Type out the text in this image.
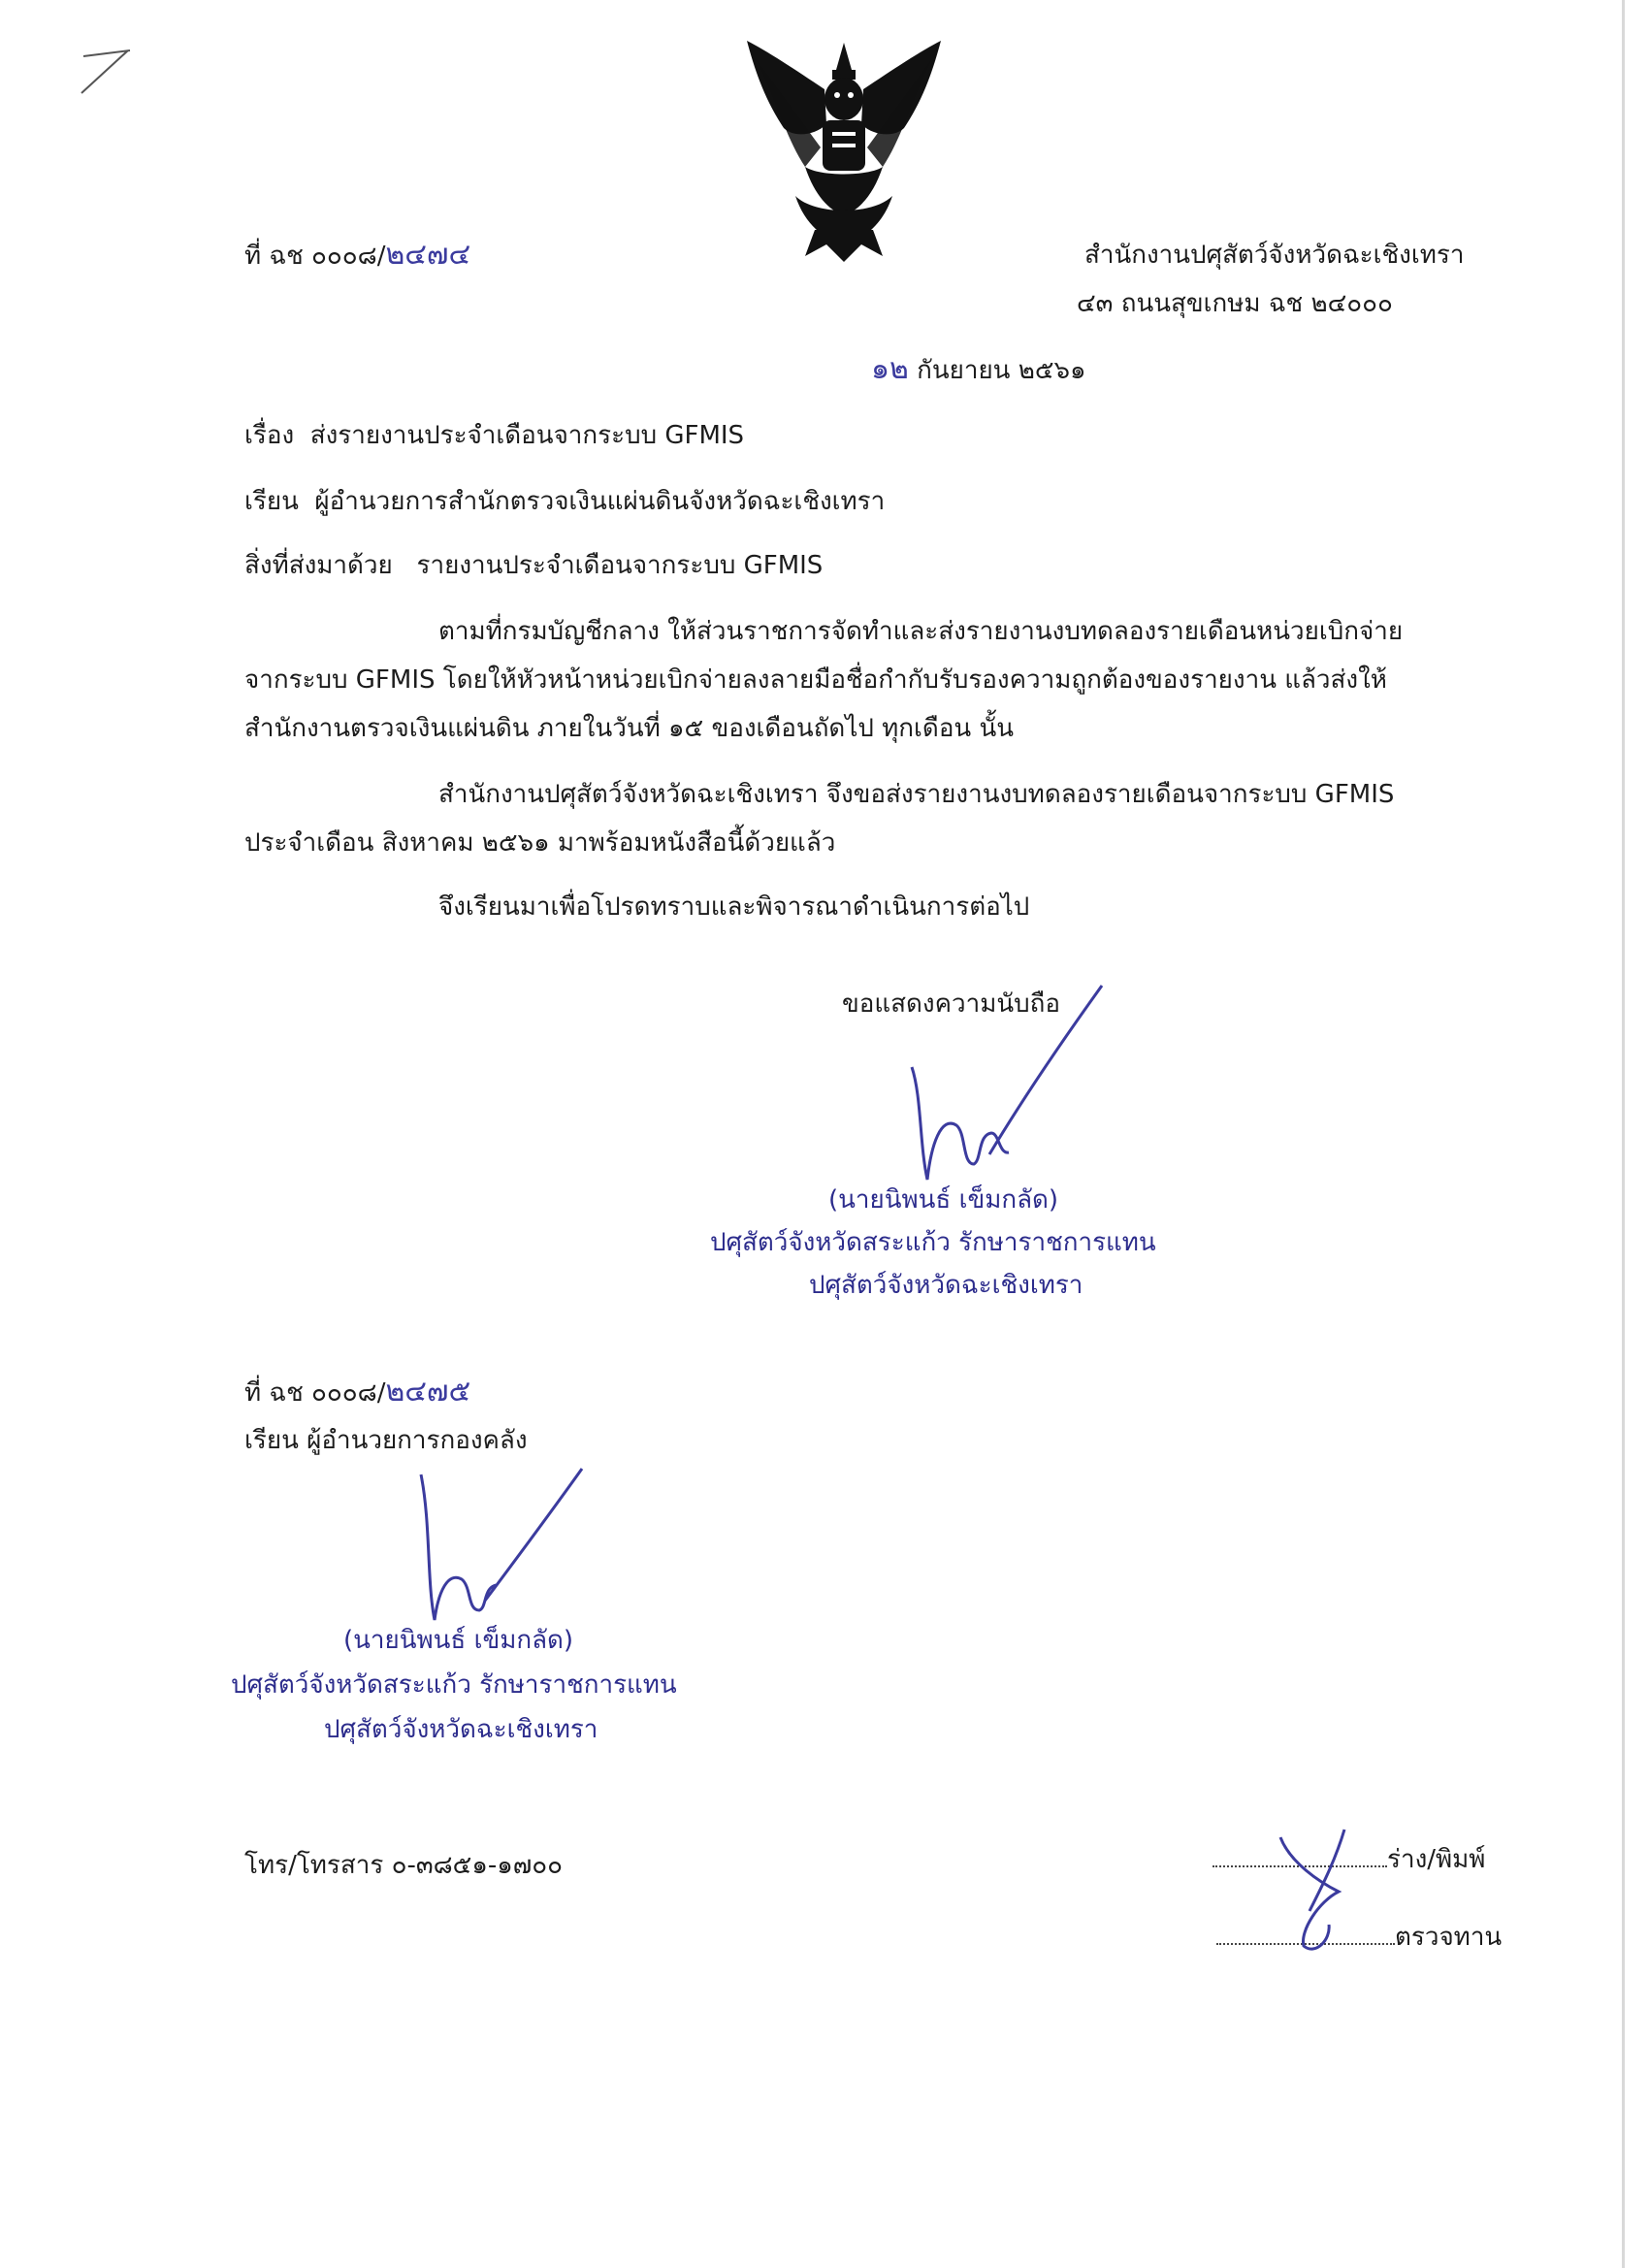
ที่ ฉช ๐๐๐๘/๒๔๗๔	สำนักงานปศุสัตว์จังหวัดฉะเชิงเทรา
๔๓ ถนนสุขเกษม ฉช ๒๔๐๐๐
๑๒ กันยายน ๒๕๖๑
เรื่อง ส่งรายงานประจำเดือนจากระบบ GFMIS
เรียน ผู้อำนวยการสำนักตรวจเงินแผ่นดินจังหวัดฉะเชิงเทรา
สิ่งที่ส่งมาด้วย รายงานประจำเดือนจากระบบ GFMIS
ตามที่กรมบัญชีกลาง ให้ส่วนราชการจัดทำและส่งรายงานงบทดลองรายเดือนหน่วยเบิกจ่าย
จากระบบ GFMIS โดยให้หัวหน้าหน่วยเบิกจ่ายลงลายมือชื่อกำกับรับรองความถูกต้องของรายงาน แล้วส่งให้
สำนักงานตรวจเงินแผ่นดิน ภายในวันที่ ๑๕ ของเดือนถัดไป ทุกเดือน นั้น
สำนักงานปศุสัตว์จังหวัดฉะเชิงเทรา จึงขอส่งรายงานงบทดลองรายเดือนจากระบบ GFMIS
ประจำเดือน สิงหาคม ๒๕๖๑ มาพร้อมหนังสือนี้ด้วยแล้ว
จึงเรียนมาเพื่อโปรดทราบและพิจารณาดำเนินการต่อไป
ขอแสดงความนับถือ
(นายนิพนธ์ เข็มกลัด)
ปศุสัตว์จังหวัดสระแก้ว รักษาราชการแทน
ปศุสัตว์จังหวัดฉะเชิงเทรา
ที่ ฉช ๐๐๐๘/๒๔๗๕
เรียน ผู้อำนวยการกองคลัง
(นายนิพนธ์ เข็มกลัด)
ปศุสัตว์จังหวัดสระแก้ว รักษาราชการแทน
ปศุสัตว์จังหวัดฉะเชิงเทรา
โทร/โทรสาร ๐-๓๘๕๑-๑๗๐๐	ร่าง/พิมพ์
ตรวจทาน
